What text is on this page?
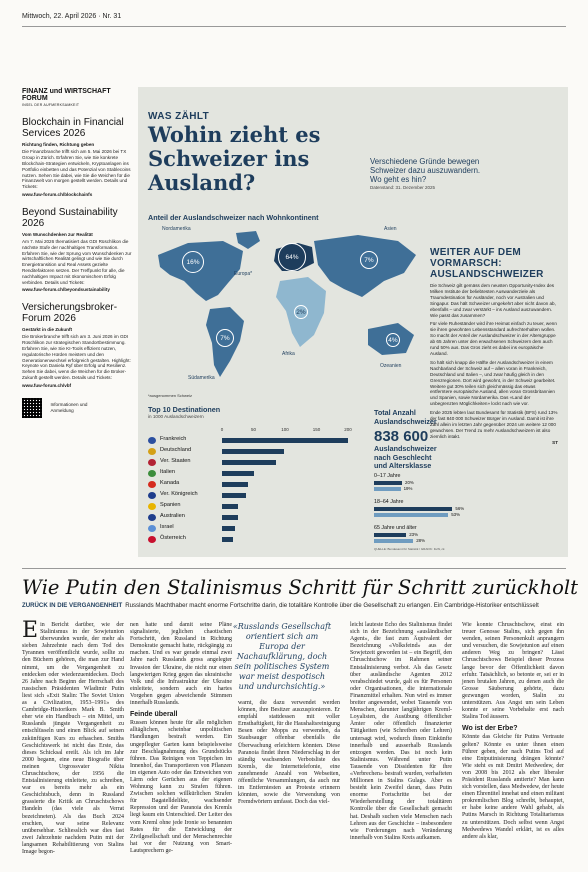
Mittwoch, 22. April 2026 · Nr. 31
FINANZ und WIRTSCHAFT FORUM
INSEL DER AUFMERKSAMKEIT
Blockchain in Financial Services 2026
Richtung finden, Richtung geben

Die Finanzbranche trifft sich am 5. Mai 2026 bei TX Group in Zürich. Erfahren Sie, wie Sie konkrete Blockchain-Strategien entwickeln, Kryptoanlagen ins Portfolio einbetten und das Potenzial von Stablecoins nutzen. Sehen Sie dabei, wie Sie die Weichen für die Finanzwelt von morgen gestellt werden. Details und Tickets:

www.fuw-forum.ch/blockchainfs
Beyond Sustainability 2026
Vom Wunschdenken zur Realität

Am 7. Mai 2026 thematisiert das GDI Rüschlikon die nächste Stufe der nachhaltigen Transformation. Erfahren Sie, wie der Sprung vom Wunschdenken zur wirtschaftlichen Realität gelingt und wie Sie durch Energietransition und Real Assets gezielte Renditefaktoren setzen. Der Treffpunkt für alle, die nachhaltigen Impact mit ökonomischem Erfolg verbinden. Details und Tickets:

www.fuw-forum.ch/beyondsustainability
Versicherungsbroker-Forum 2026
Gestärkt in die Zukunft

Die Brokerbranche trifft sich am 3. Juni 2026 im GDI Rüschlikon zur strategischen Standortbestimmung. Erfahren Sie, wie Sie KI-Tools effizient nutzen, regulatorische Hürden meistern und den Generationenwechsel erfolgreich gestalten. Highlight: Keynote von Daniela Ryf über Erfolg und Resilienz. Sehen Sie dabei, wenn die Weichen für die Broker-Zukunft gestellt werden. Details und Tickets:

www.fuw-forum.ch/vbf
Informationen und
Anmeldung
WAS ZÄHLT
Wohin zieht es Schweizer ins Ausland?
Verschiedene Gründe bewegen Schweizer dazu auszuwandern. Wo geht es hin?
Datenstand: 31. Dezember 2025
Anteil der Auslandschweizer nach Wohnkontinent
Nordamerika
Europa*
Asien
Afrika
Südamerika
Ozeanien
16%
64%	7%
2%
7%	4%
*ausgenommen Schweiz
Top 10 Destinationen
in 1000 Auslandschweizern
0	50	100	150	200
Frankreich
Deutschland
Ver. Staaten
Italien
Kanada
Ver. Königreich
Spanien
Australien
Israel
Österreich
Total Anzahl
Auslandschweizer
838 600
Auslandschweizer
nach Geschlecht
und Altersklasse
0–17 Jahre
20%
19%
18–64 Jahre
56%
53%
65 Jahre und älter
23%
28%
QUELLE: Bundesamt für Statistik / GRAFIK: FuW, ck
WEITER AUF DEM VORMARSCH: AUSLANDSCHWEIZER

Die Schweiz gilt gemäss dem neusten Opportunity-Index des Milken Institute der beliebtesten Auswanderziele als Traumdestination für Ausländer, noch vor Australien und Singapur. Das hält Schweizer umgekehrt aber nicht davon ab, ebenfalls – und zwar verstärkt – ins Ausland auszuwandern. Wie passt das zusammen?

Für viele Ruheständer wird ihre Heimat einfach zu teuer, wenn sie ihren gewohnten Lebensstandard aufrechterhalten wollen. So macht der Anteil der Auslandschweizer in der Altersgruppe ab 65 Jahren unter den erwachsenen Schweizern dem auch rund 50% aus. Das Gros zieht es dabei ins europäische Ausland.

So hält sich knapp die Hälfte der Auslandschweizer in einem Nachbarland der Schweiz auf – allen voran in Frankreich, Deutschland und Italien –, und zwar häufig gleich in den Grenzregionen. Dort wird gewohnt, in der Schweiz gearbeitet. Weitere gut 30% teilen sich gleichmässig das etwas entferntere europäische Ausland, allen voran Grossbritannien und Spanien, sowie Nordamerika. Das «Land der unbegrenzten Möglichkeiten» lockt nach wie vor.

Ende 2025 lebten laut Bundesamt für Statistik (BFS) rund 13% der fast 840 000 Schweizer Bürger im Ausland. Damit ist ihre Zahl allein im letzten Jahr gegenüber 2024 um weitere 12 000 gewachsen. Der Trend zu mehr Auslandschweizern ist also ziemlich intakt.

ST

Wie Putin den Stalinismus Schritt für Schritt zurückholt
ZURÜCK IN DIE VERGANGENHEIT Russlands Machthaber macht enorme Fortschritte darin, die totalitäre Kontrolle über die Gesellschaft zu erlangen. Ein Cambridge-Historiker entschlüsselt
Ein Bericht darüber, wie der Stalinismus in der Sowjetunion überwunden wurde, der mehr als sieben Jahrzehnte nach dem Tod des Tyrannen veröffentlicht wurde, sollte zu den Büchern gehören, die man zur Hand nimmt, um die Vergangenheit zu entdecken oder wiederzuentdecken. Doch 26 Jahre nach Beginn der Herrschaft des russischen Präsidenten Wladimir Putin liest sich «Exit Stalin: The Soviet Union as a Civilization, 1953–1991» des Cambridge-Historikers Mark B. Smith eher wie ein Handbuch – ein Mittel, um Russlands jüngste Vergangenheit zu entschlüsseln und einen Blick auf seinen zukünftigen Kurs zu erhaschen. Smiths Geschichtswerk ist nicht das Erste, das dieses Schicksal ereilt. Als ich im Jahr 2000 begann, eine neue Biografie über meinen Urgrossvater Nikita Chruschtschow, der 1956 die Entstalinisierung einleitete, zu schreiben, war es bereits mehr als ein Geschichtsbuch, denn in Russland grassierte die Kritik an Chruschtschows Handeln (das viele als Verrat bezeichneten). Als das Buch 2024 erschien, war seine Relevanz unübersehbar. Schliesslich war dies fast zwei Jahrzehnte nachdem Putin mit der langsamen Rehabilitierung von Stalins Image begon-
nen hatte und damit seine Pläne signalisierte, jeglichen chaotischen Fortschritt, den Russland in Richtung Demokratie gemacht hatte, rückgängig zu machen. Und es war gerade einmal zwei Jahre nach Russlands gross angelegter Invasion der Ukraine, die nicht nur einen langwierigen Krieg gegen das ukrainische Volk und die Infrastruktur der Ukraine einleitete, sondern auch ein hartes Vorgehen gegen abweichende Stimmen innerhalb Russlands.
Feinde überall
Russen können heute für alle möglichen alltäglichen, scheinbar unpolitischen Handlungen bestraft werden. Ein ungepflegter Garten kann beispielsweise zur Beschlagnahmung des Grundstücks führen. Das Reinigen von Teppichen im Innenhof, das Transportieren von Pflanzen im eigenen Auto oder das Entweichen von Lärm oder Gerüchen aus der eigenen Wohnung kann zu Strafen führen. Zwischen solchen willkürlichen Strafen für Bagatelldelikte, wachsender Repression und der Paranoia des Kremls liegt kaum ein Unterschied. Der Leiter des vom Kreml ohne jede Ironie so benannten Rates für die Entwicklung der Zivilgesellschaft und der Menschenrechte hat vor der Nutzung von Smart-Lautsprechern ge-
warnt, die dazu verwendet werden können, ihre Besitzer auszuspionieren. Er empfahl stattdessen mit voller Ernsthaftigkeit, für die Haushaltsreinigung Besen oder Mopps zu verwenden, da Staubsauger offenbar ebenfalls die Überwachung erleichtern könnten. Diese Paranoia findet ihren Niederschlag in der ständig wachsenden Verbotsliste des Kremls, die Internettelefonie, eine zunehmende Anzahl von Webseiten, öffentliche Versammlungen, da auch nur im Entferntesten an Proteste erinnern könnten, sowie die Verwendung von Fremdwörtern umfasst. Doch das viel-
leicht lauteste Echo des Stalinismus findet sich in der Bezeichnung «ausländischer Agent», die fast zum Äquivalent der Bezeichnung «Volksfeind» aus der Sowjetzeit geworden ist – ein Begriff, den Chruschtschow im Rahmen seiner Entstalinisierung verbot. Als das Gesetz über ausländische Agenten 2012 verabschiedet wurde, galt es für Personen oder Organisationen, die internationale Finanzmittel erhalten. Nun wird es immer breiter angewendet, wobei Tausende von Menschen, darunter langjährigen Kreml-Loyalisten, die Ausübung öffentlicher Ämter oder öffentlich finanzierter Tätigkeiten (wie Schreiben oder Lehren) untersagt wird, wodurch ihnen Einkünfte innerhalb und ausserhalb Russlands entzogen werden. Das ist noch kein Stalinismus. Während unter Putin Tausende von Dissidenten für ihre «Verbrechen» bestraft wurden, verhafteten Millionen in Stalins Gulags. Aber es besteht kein Zweifel daran, dass Putin enorme Fortschritte bei der Wiederherstellung der totalitären Kontrolle über die Gesellschaft gemacht hat. Deshalb suchen viele Menschen nach Lehren aus der Geschichte – insbesondere wie Forderungen nach Veränderung innerhalb von Stalins Kreis aufkamen.
Wie konnte Chruschtschow, einst ein treuer Genosse Stalins, sich gegen ihn wenden, seinen Personenkult anprangern und versuchen, die Sowjetunion auf einen anderen Weg zu bringen? Lässt Chruschtschows Beispiel dieser Prozess lange bevor der Öffentlichkeit davon erfuhr. Tatsächlich, so betonte er, sei er in jenen brutalen Jahren, zu denen auch die Grosse Säuberung gehörte, dazu gezwungen worden, Stalin zu unterstützen. Aus Angst um sein Leben konnte er seine Vorbehalte erst nach Stalins Tod äussern.
Wo ist der Erbe?
Könnte das Gleiche für Putins Vertraute gelten? Könnte es unter ihnen einen Führer geben, der nach Putins Tod auf eine Entputinisierung drängen könnte? Wie steht es mit Dmitri Medwedew, der von 2008 bis 2012 als eher liberaler Präsident Russlands amtierte? Man kann sich vorstellen, dass Medwedew, der heute einen Ehrentitel innehat und einen militant prokremlischen Blog schreibt, behauptet, er habe keine andere Wahl gehabt, als Putins Marsch in Richtung Totalitarismus zu unterstützen. Doch selbst wenn Angst Medwedews Wandel erklärt, ist es alles andere als klar,
«Russlands Gesellschaft orientiert sich am Europa der Nachaufklärung, doch sein politisches System war meist despotisch und undurchsichtig.»
